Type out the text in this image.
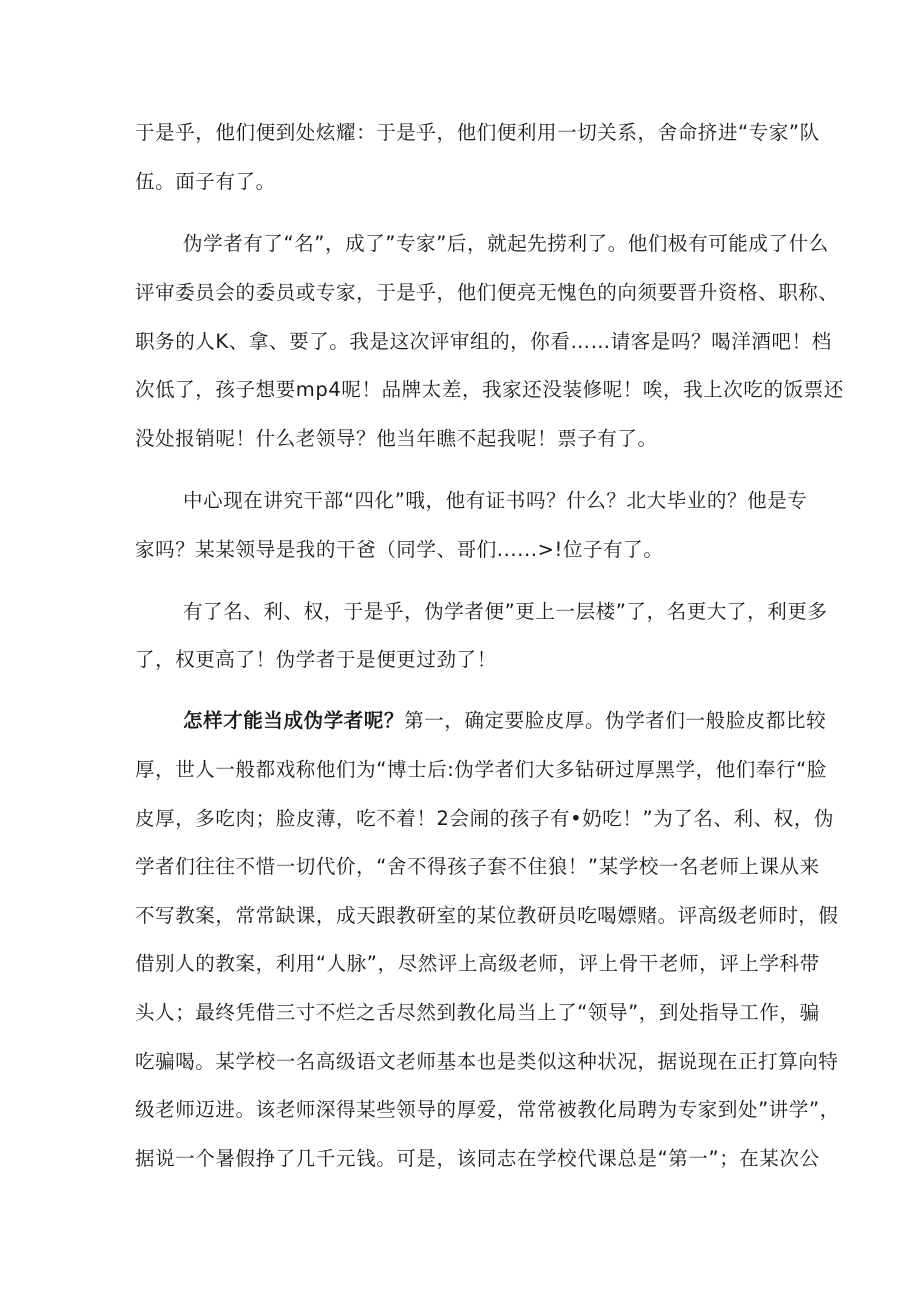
于是乎，他们便到处炫耀：于是乎，他们便利用一切关系，舍命挤进“专家”队
伍。面子有了。
伪学者有了“名”，成了”专家”后，就起先捞利了。他们极有可能成了什么
评审委员会的委员或专家，于是乎，他们便亮无愧色的向须要晋升资格、职称、
职务的人K、拿、要了。我是这次评审组的，你看……请客是吗？喝洋酒吧！档
次低了，孩子想要mp4呢！品牌太差，我家还没装修呢！唉，我上次吃的饭票还
没处报销呢！什么老领导？他当年瞧不起我呢！票子有了。
中心现在讲究干部“四化”哦，他有证书吗？什么？北大毕业的？他是专
家吗？某某领导是我的干爸（同学、哥们......>!位子有了。
有了名、利、权，于是乎，伪学者便”更上一层楼”了，名更大了，利更多
了，权更高了！伪学者于是便更过劲了！
怎样才能当成伪学者呢？第一，确定要脸皮厚。伪学者们一般脸皮都比较
厚，世人一般都戏称他们为“博士后:伪学者们大多钻研过厚黑学，他们奉行“脸
皮厚，多吃肉；脸皮薄，吃不着！2会闹的孩子有•奶吃！”为了名、利、权，伪
学者们往往不惜一切代价，“舍不得孩子套不住狼！”某学校一名老师上课从来
不写教案，常常缺课，成天跟教研室的某位教研员吃喝嫖赌。评高级老师时，假
借别人的教案，利用“人脉”，尽然评上高级老师，评上骨干老师，评上学科带
头人；最终凭借三寸不烂之舌尽然到教化局当上了“领导”，到处指导工作，骗
吃骗喝。某学校一名高级语文老师基本也是类似这种状况，据说现在正打算向特
级老师迈进。该老师深得某些领导的厚爱，常常被教化局聘为专家到处”讲学”，
据说一个暑假挣了几千元钱。可是，该同志在学校代课总是“第一”；在某次公
